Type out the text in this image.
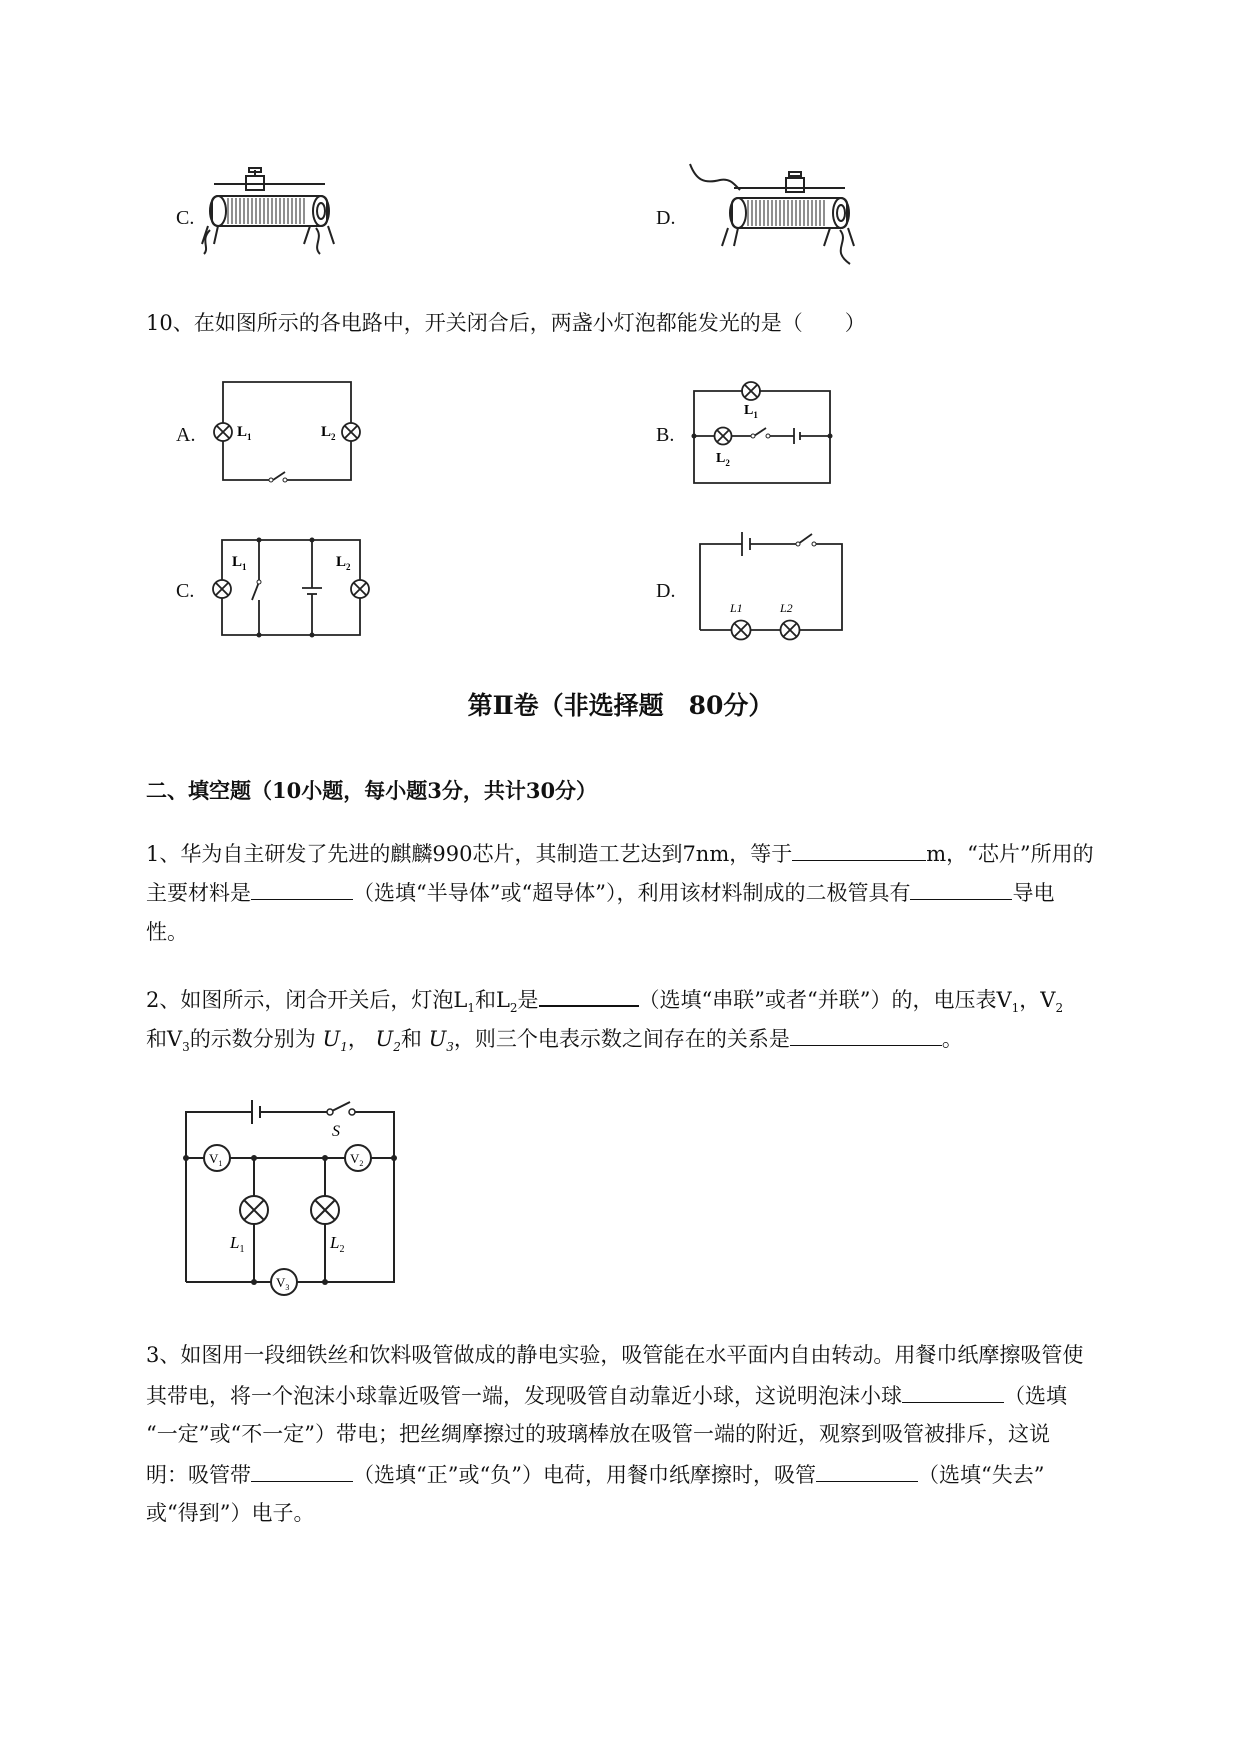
C.	D.
10、在如图所示的各电路中，开关闭合后，两盏小灯泡都能发光的是（　　）
A.	$L_1$	$L_2$	B.
$L_1$
$L_2$
C.
$L_1$	$L_2$
D.
L1	L2
第Ⅱ卷（非选择题　80分）
二、填空题（10小题，每小题3分，共计30分）
1、华为自主研发了先进的麒麟990芯片，其制造工艺达到7nm，等于	m，“芯片”所用的
主要材料是	（选填“半导体”或“超导体”），利用该材料制成的二极管具有	导电
性。
2、如图所示，闭合开关后，灯泡$L_1$和$L_2$是	（选填“串联”或者“并联”）的，电压表$V_1$，$V_2$
和$V_3$的示数分别为 $U_1$， $U_2$和 $U_3$，则三个电表示数之间存在的关系是	。
S
$V_1$	$V_2$
$V_3$
$L_1$	$L_2$
3、如图用一段细铁丝和饮料吸管做成的静电实验，吸管能在水平面内自由转动。用餐巾纸摩擦吸管使
其带电，将一个泡沫小球靠近吸管一端，发现吸管自动靠近小球，这说明泡沫小球	（选填
“一定”或“不一定”）带电；把丝绸摩擦过的玻璃棒放在吸管一端的附近，观察到吸管被排斥，这说
明：吸管带	（选填“正”或“负”）电荷，用餐巾纸摩擦时，吸管	（选填“失去”
或“得到”）电子。
